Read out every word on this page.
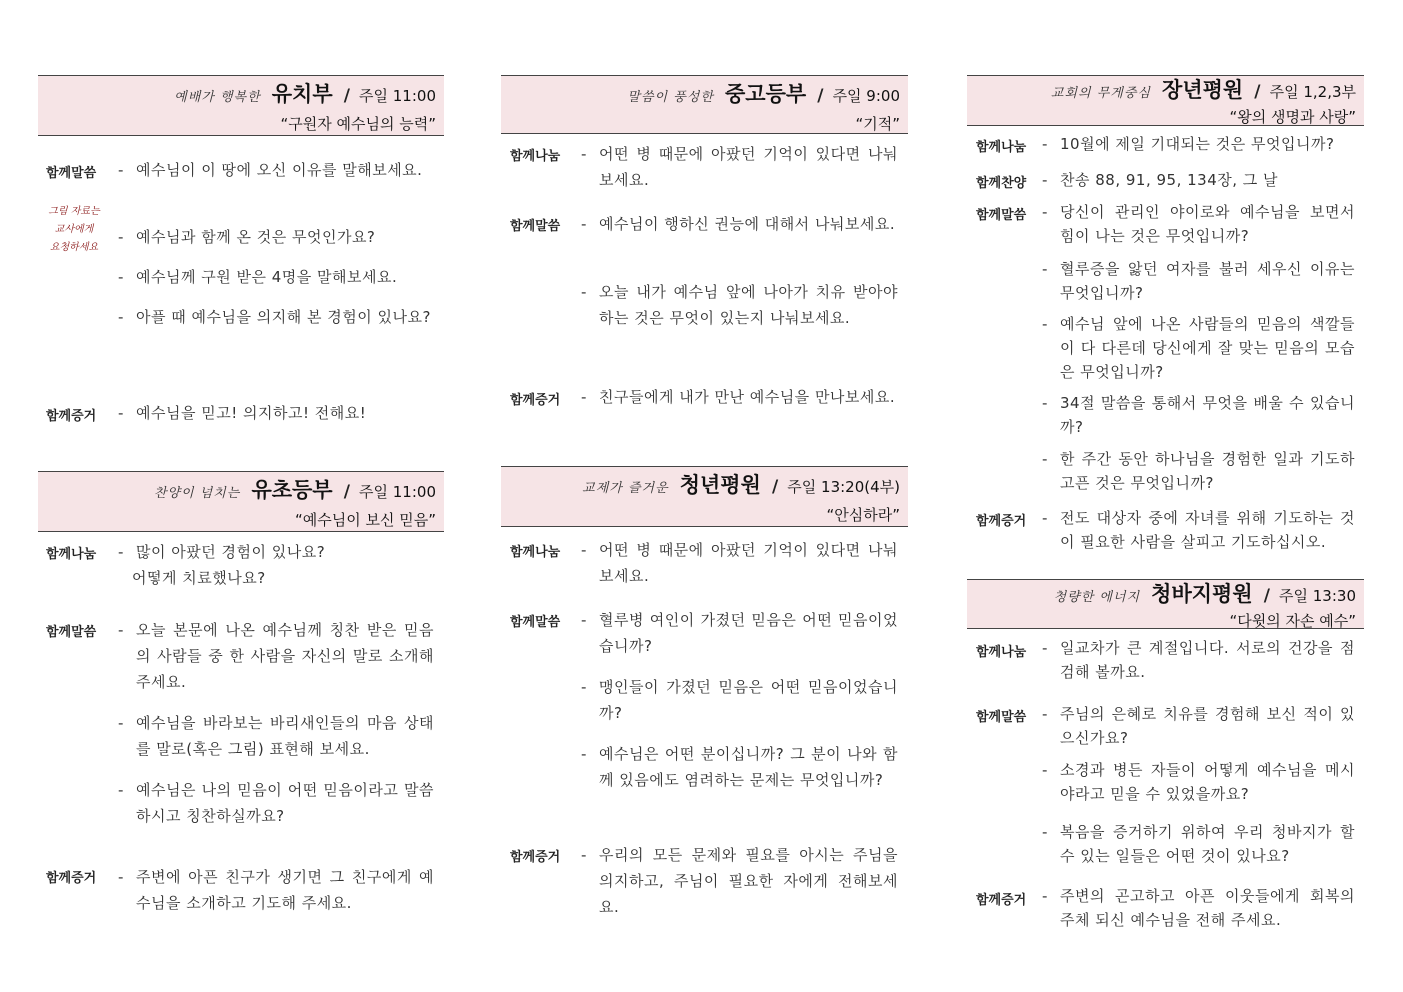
예배가 행복한 유치부 / 주일 11:00
“구원자 예수님의 능력”
함께말씀
그림 자료는
교사에게
요청하세요
- 예수님이 이 땅에 오신 이유를 말해보세요.
- 예수님과 함께 온 것은 무엇인가요?
- 예수님께 구원 받은 4명을 말해보세요.
- 아플 때 예수님을 의지해 본 경험이 있나요?
함께증거 - 예수님을 믿고! 의지하고! 전해요!
찬양이 넘치는 유초등부 / 주일 11:00
“예수님이 보신 믿음”
함께나눔 - 많이 아팠던 경험이 있나요?
어떻게 치료했나요?
함께말씀 - 오늘 본문에 나온 예수님께 칭찬 받은 믿음의 사람들 중 한 사람을 자신의 말로 소개해 주세요.
- 예수님을 바라보는 바리새인들의 마음 상태를 말로(혹은 그림) 표현해 보세요.
- 예수님은 나의 믿음이 어떤 믿음이라고 말씀하시고 칭찬하실까요?
함께증거 - 주변에 아픈 친구가 생기면 그 친구에게 예수님을 소개하고 기도해 주세요.
말씀이 풍성한 중고등부 / 주일 9:00
“기적”
함께나눔 - 어떤 병 때문에 아팠던 기억이 있다면 나눠보세요.
함께말씀 - 예수님이 행하신 권능에 대해서 나눠보세요.
- 오늘 내가 예수님 앞에 나아가 치유 받아야 하는 것은 무엇이 있는지 나눠보세요.
함께증거 - 친구들에게 내가 만난 예수님을 만나보세요.
교제가 즐거운 청년평원 / 주일 13:20(4부)
“안심하라”
함께나눔 - 어떤 병 때문에 아팠던 기억이 있다면 나눠보세요.
함께말씀 - 혈루병 여인이 가졌던 믿음은 어떤 믿음이었습니까?
- 맹인들이 가졌던 믿음은 어떤 믿음이었습니까?
- 예수님은 어떤 분이십니까? 그 분이 나와 함께 있음에도 염려하는 문제는 무엇입니까?
함께증거 - 우리의 모든 문제와 필요를 아시는 주님을 의지하고, 주님이 필요한 자에게 전해보세요.
교회의 무게중심 장년평원 / 주일 1,2,3부
“왕의 생명과 사랑”
함께나눔 - 10월에 제일 기대되는 것은 무엇입니까?
함께찬양 - 찬송 88, 91, 95, 134장, 그 날
함께말씀 - 당신이 관리인 야이로와 예수님을 보면서 힘이 나는 것은 무엇입니까?
- 혈루증을 앓던 여자를 불러 세우신 이유는 무엇입니까?
- 예수님 앞에 나온 사람들의 믿음의 색깔들이 다 다른데 당신에게 잘 맞는 믿음의 모습은 무엇입니까?
- 34절 말씀을 통해서 무엇을 배울 수 있습니까?
- 한 주간 동안 하나님을 경험한 일과 기도하고픈 것은 무엇입니까?
함께증거 - 전도 대상자 중에 자녀를 위해 기도하는 것이 필요한 사람을 살피고 기도하십시오.
청량한 에너지 청바지평원 / 주일 13:30
“다윗의 자손 예수”
함께나눔 - 일교차가 큰 계절입니다. 서로의 건강을 점검해 볼까요.
함께말씀 - 주님의 은혜로 치유를 경험해 보신 적이 있으신가요?
- 소경과 병든 자들이 어떻게 예수님을 메시야라고 믿을 수 있었을까요?
- 복음을 증거하기 위하여 우리 청바지가 할 수 있는 일들은 어떤 것이 있나요?
함께증거 - 주변의 곤고하고 아픈 이웃들에게 회복의 주체 되신 예수님을 전해 주세요.
